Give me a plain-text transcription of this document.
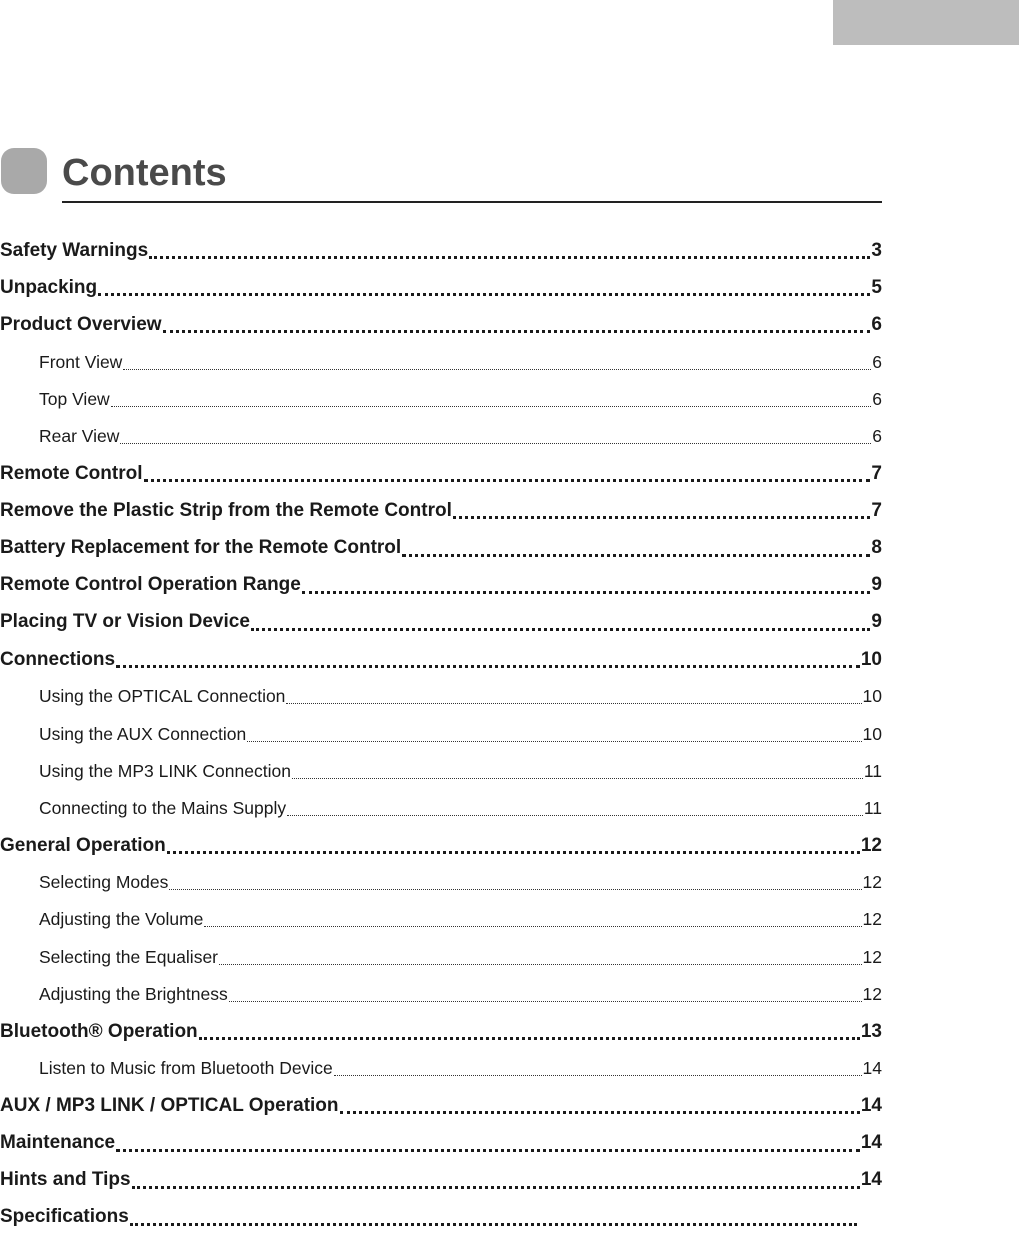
Contents
Safety Warnings	3
Unpacking	5
Product Overview	6
Front View	6
Top View	6
Rear View	6
Remote Control	7
Remove the Plastic Strip from the Remote Control	7
Battery Replacement for the Remote Control	8
Remote Control Operation Range	9
Placing TV or Vision Device	9
Connections	10
Using the OPTICAL Connection	10
Using the AUX Connection	10
Using the MP3 LINK Connection	11
Connecting to the Mains Supply	11
General Operation	12
Selecting Modes	12
Adjusting the Volume	12
Selecting the Equaliser	12
Adjusting the Brightness	12
Bluetooth® Operation	13
Listen to Music from Bluetooth Device	14
AUX / MP3 LINK / OPTICAL Operation	14
Maintenance	14
Hints and Tips	14
Specifications
